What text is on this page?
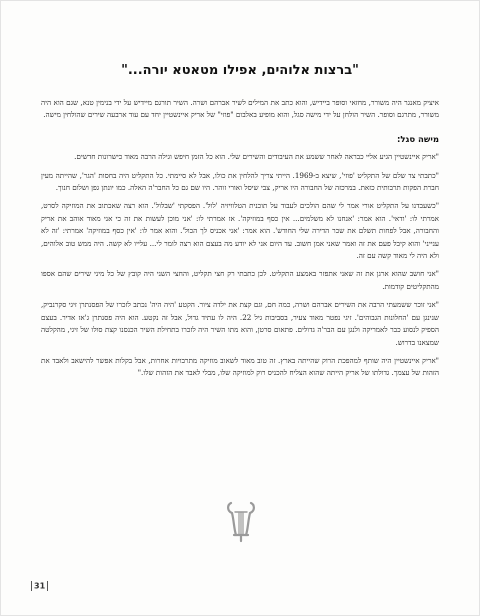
"ברצות אלוהים, אפילו מטאטא יורה..."

איציק מאנגר היה משורר, מחזאי וסופר ביידיש, והוא כתב את המילים לשיר אברהם ושרה. השיר תורגם מיידיש על ידי בנימין טנא, שגם הוא היה משורר, מתרגם וסופר. השיר הולחן על ידי מישה סגל, והוא מופיע באלבום "פוזי" של אריק איינשטיין יחד עם עוד ארבעה שירים שהולחין מישה.

מישה סגל:

"אריק איינשטיין הגיע אליי כבראה לאחר ששמע את העיבודים והשירים שלי. הוא כל הזמן חיפש וגילה הרבה מאוד כישרונות חדשים.

"כתבתי צד שלם של התקליט 'פוזי', שיצא ב-1969. הייתי צריך להלחין את כולו, אבל לא סיימתי. כל התקליט היה בחסות 'הגר', שהייתה מעין חברת הפקות תרבותית כזאת. במרכזה של החבורה היו אריק, צבי שיסל ואורי זוהר. היו שם גם כל החבר'ה האלה. כמו יונתן גפן ושלום חנוך.

"כשעבדנו על התקליט אורי אמר לי שהם הולכים לעבוד על תוכנית הטלוויזיה 'לול'. הפסקתי 'שבלול'. הוא רצה שאכתוב את המוזיקה לסרט, אמרתי לו: 'ודאי'. הוא אמר: 'אנחנו לא משלמים... אין כסף במוזיקה'. אז אמרתי לו: 'אני מוכן לעשות את זה כי אני מאוד אוהב את אריק והחבורה, אבל לפחות תשלם את שכר הדירה שלי החודש'. הוא אמר: 'אני אכניס לך הכול'. והוא אמר לו: 'אין כסף במוזיקה' אמרתי: 'זה לא ענייני' והוא קיבל פעם את זה ואמר שאני אמן חשוב. עד היום אני לא יודע מה בעצם הוא רצה לומר לי... עלייו לא קשה. היה ממש טוב אלוהים, ולא היה לי מאוד קשה עם זה.

"אני חושב שהוא ארגן את זה שאני אתפזר באמצע התקליט. לכן כתבתי רק חצי תקליט, והחצי השני היה קובץ של כל מיני שירים שהם אספו מהתקליטים קודמות.

"אני זוכר ששמעתי הרבה את השירים אברהם ושרה, כמה חם, וגם קצת את ילדה ציור. הקטע 'היה היה' נכתב לזכרו של הפסנתרן זיגי סקרנביק, שנינגן עם 'החלונות הגבוהים'. זיגי נפטר מאוד צעיר, בסביבות גיל 22. היה לו עתיד גדול, אבל זה נקטע. הוא היה פסנתרן ג'אז אדיר. בעצם הספיק לנסוע כבר לאמריקה ולנגן עם הבר'ה גדולים. פתאום סרטן, והוא מתו השיר היה לזכרו בתחילת השיר הכנסנו קצת סולו של זיגי, מהקלטה שמצאנו בדרוש.

"אריק איינשטיין היה שותף למהפכת הרוק שהייתה בארץ. זה טוב מאוד לשאוב מוזיקה מתרבויות אחרות, אבל בקלות אפשר להישאב ולאבד את הזהות של עצמך. גדולתו של אריק הייתה שהוא הצליח להכניס רוק למוזיקה שלו, מבלי לאבד את הזהות שלו."

31
